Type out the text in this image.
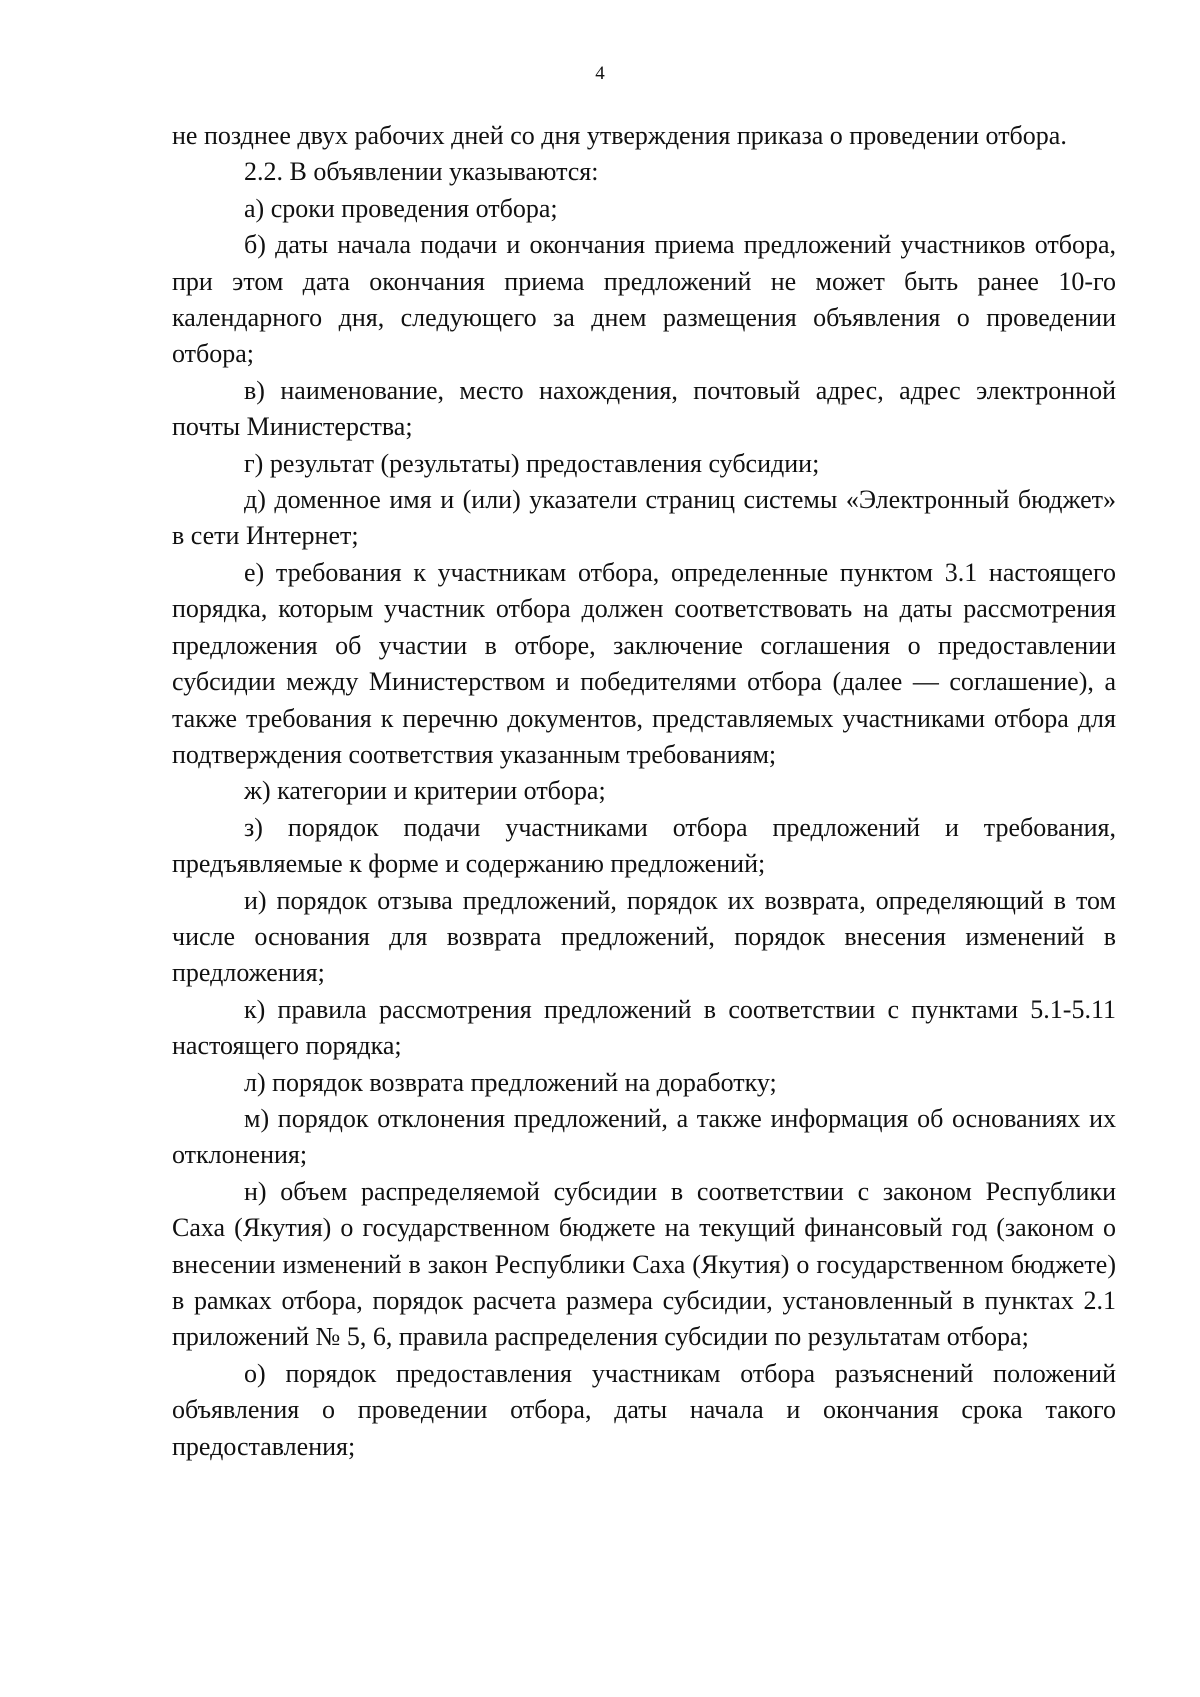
4

не позднее двух рабочих дней со дня утверждения приказа о проведении отбора.

2.2. В объявлении указываются:

а) сроки проведения отбора;

б) даты начала подачи и окончания приема предложений участников отбора, при этом дата окончания приема предложений не может быть ранее 10-го календарного дня, следующего за днем размещения объявления о проведении отбора;

в) наименование, место нахождения, почтовый адрес, адрес электронной почты Министерства;

г) результат (результаты) предоставления субсидии;

д) доменное имя и (или) указатели страниц системы «Электронный бюджет» в сети Интернет;

е) требования к участникам отбора, определенные пунктом 3.1 настоящего порядка, которым участник отбора должен соответствовать на даты рассмотрения предложения об участии в отборе, заключение соглашения о предоставлении субсидии между Министерством и победителями отбора (далее — соглашение), а также требования к перечню документов, представляемых участниками отбора для подтверждения соответствия указанным требованиям;

ж) категории и критерии отбора;

з) порядок подачи участниками отбора предложений и требования, предъявляемые к форме и содержанию предложений;

и) порядок отзыва предложений, порядок их возврата, определяющий в том числе основания для возврата предложений, порядок внесения изменений в предложения;

к) правила рассмотрения предложений в соответствии с пунктами 5.1-5.11 настоящего порядка;

л) порядок возврата предложений на доработку;

м) порядок отклонения предложений, а также информация об основаниях их отклонения;

н) объем распределяемой субсидии в соответствии с законом Республики Саха (Якутия) о государственном бюджете на текущий финансовый год (законом о внесении изменений в закон Республики Саха (Якутия) о государственном бюджете) в рамках отбора, порядок расчета размера субсидии, установленный в пунктах 2.1 приложений № 5, 6, правила распределения субсидии по результатам отбора;

о) порядок предоставления участникам отбора разъяснений положений объявления о проведении отбора, даты начала и окончания срока такого предоставления;
